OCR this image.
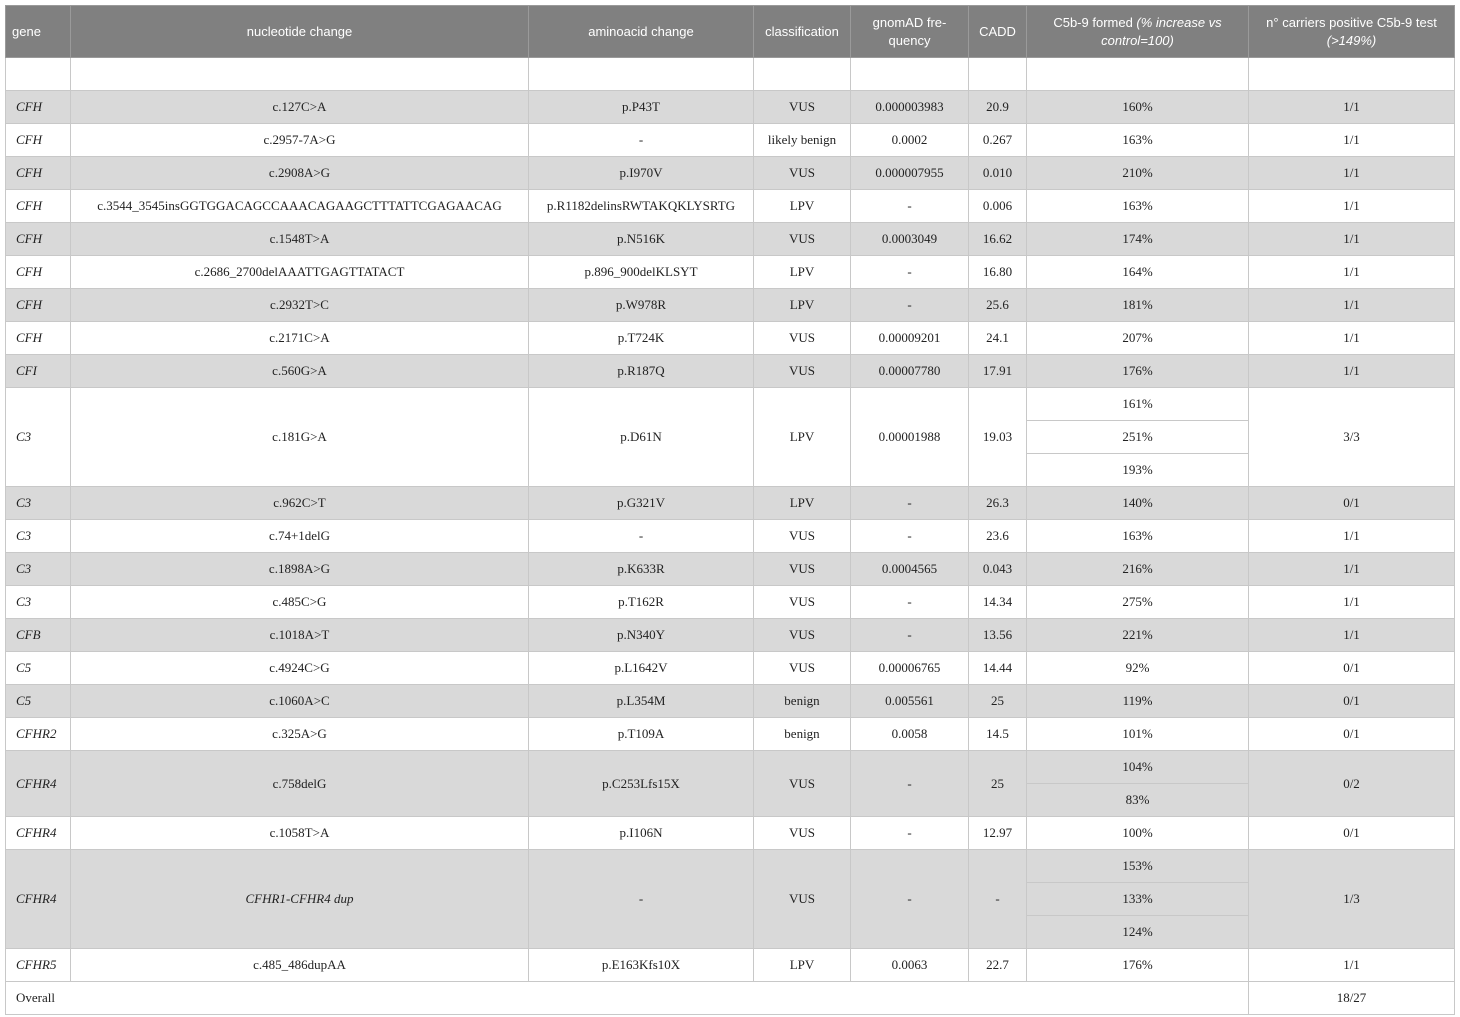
gene	nucleotide change	aminoacid change	classification	gnomAD fre-quency	CADD	C5b-9 formed (% increase vs control=100)	n° carriers positive C5b-9 test (>149%)

CFH	c.127C>A	p.P43T	VUS	0.000003983	20.9	160%	1/1
CFH	c.2957-7A>G	-	likely benign	0.0002	0.267	163%	1/1
CFH	c.2908A>G	p.I970V	VUS	0.000007955	0.010	210%	1/1
CFH	c.3544_3545insGGTGGACAGCCAAACAGAAGCTTTATTCGAGAACAG	p.R1182delinsRWTAKQKLYSRTG	LPV	-	0.006	163%	1/1
CFH	c.1548T>A	p.N516K	VUS	0.0003049	16.62	174%	1/1
CFH	c.2686_2700delAAATTGAGTTATACT	p.896_900delKLSYT	LPV	-	16.80	164%	1/1
CFH	c.2932T>C	p.W978R	LPV	-	25.6	181%	1/1
CFH	c.2171C>A	p.T724K	VUS	0.00009201	24.1	207%	1/1
CFI	c.560G>A	p.R187Q	VUS	0.00007780	17.91	176%	1/1
C3	c.181G>A	p.D61N	LPV	0.00001988	19.03	161%	3/3
						251%	
						193%	
C3	c.962C>T	p.G321V	LPV	-	26.3	140%	0/1
C3	c.74+1delG	-	VUS	-	23.6	163%	1/1
C3	c.1898A>G	p.K633R	VUS	0.0004565	0.043	216%	1/1
C3	c.485C>G	p.T162R	VUS	-	14.34	275%	1/1
CFB	c.1018A>T	p.N340Y	VUS	-	13.56	221%	1/1
C5	c.4924C>G	p.L1642V	VUS	0.00006765	14.44	92%	0/1
C5	c.1060A>C	p.L354M	benign	0.005561	25	119%	0/1
CFHR2	c.325A>G	p.T109A	benign	0.0058	14.5	101%	0/1
CFHR4	c.758delG	p.C253Lfs15X	VUS	-	25	104%	0/2
						83%	
CFHR4	c.1058T>A	p.I106N	VUS	-	12.97	100%	0/1
CFHR4	CFHR1-CFHR4 dup	-	VUS	-	-	153%	1/3
						133%	
						124%	
CFHR5	c.485_486dupAA	p.E163Kfs10X	LPV	0.0063	22.7	176%	1/1
Overall							18/27
